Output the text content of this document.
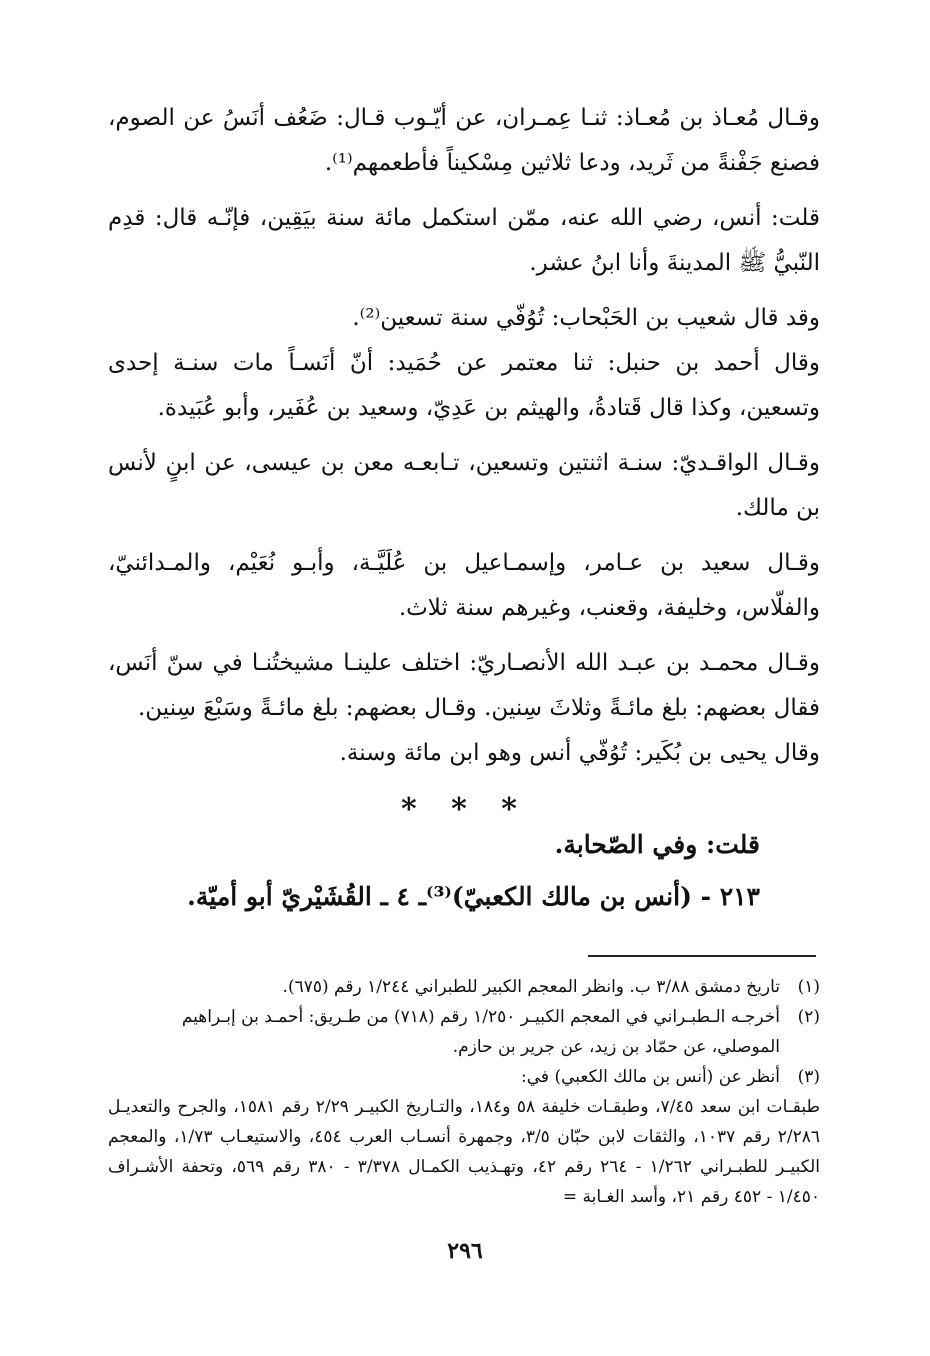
وقـال مُعـاذ بن مُعـاذ: ثنـا عِمـران، عن أيّـوب قـال: ضَعُف أنَسُ عن الصوم، فصنع جَفْنةً من ثَريد، ودعا ثلاثين مِسْكيناً فأطعمهم⁽¹⁾.

قلت: أنس، رضي الله عنه، ممّن استكمل مائة سنة بيَقِين، فإنّـه قال: قدِم النّبيُّ ﷺ المدينةَ وأنا ابنُ عشر.

وقد قال شعيب بن الحَبْحاب: تُوُفّي سنة تسعين⁽²⁾.

وقال أحمد بن حنبل: ثنا معتمر عن حُمَيد: أنّ أنَسـاً مات سنـة إحدى وتسعين، وكذا قال قَتادةُ، والهيثم بن عَدِيّ، وسعيد بن عُفَير، وأبو عُبَيدة.

وقـال الواقـديّ: سنـة اثنتين وتسعين، تـابعـه معن بن عيسى، عن ابنٍ لأنس بن مالك.

وقـال سعيد بن عـامر، وإسمـاعيل بن عُلَيَّـة، وأبـو نُعَيْم، والمـدائنيّ، والفلّاس، وخليفة، وقعنب، وغيرهم سنة ثلاث.

وقـال محمـد بن عبـد الله الأنصـاريّ: اختلف علينـا مشيختُنـا في سنّ أنَس، فقال بعضهم: بلغ مائـةً وثلاثَ سِنين. وقـال بعضهم: بلغ مائـةً وسَبْعَ سِنين.

وقال يحيى بن بُكَير: تُوُفّي أنس وهو ابن مائة وسنة.

* * *
قلت: وفي الصّحابة.
٢١٣ - (أنس بن مالك الكعبيّ)⁽³⁾ـ ٤ ـ القُشَيْريّ أبو أميّة.
(١)
تاريخ دمشق ٣/٨٨ ب. وانظر المعجم الكبير للطبراني ١/٢٤٤ رقم (٦٧٥).
(٢)
أخرجـه الـطبـراني في المعجم الكبيـر ١/٢٥٠ رقم (٧١٨) من طـريق: أحمـد بن إبـراهيم
الموصلي، عن حمّاد بن زيد، عن جرير بن حازم.
(٣)
أنظر عن (أنس بن مالك الكعبي) في:
طبقـات ابن سعد ٧/٤٥، وطبقـات خليفة ٥٨ و١٨٤، والتـاريخ الكبيـر ٢/٢٩ رقم ١٥٨١، والجرح والتعديـل ٢/٢٨٦ رقم ١٠٣٧، والثقات لابن حبّان ٣/٥، وجمهرة أنسـاب العرب ٤٥٤، والاستيعـاب ١/٧٣، والمعجم الكبيـر للطبـراني ١/٢٦٢ - ٢٦٤ رقم ٤٢، وتهـذيب الكمـال ٣/٣٧٨ - ٣٨٠ رقم ٥٦٩، وتحفة الأشـراف ١/٤٥٠ - ٤٥٢ رقم ٢١، وأسد الغـابة =
٢٩٦
